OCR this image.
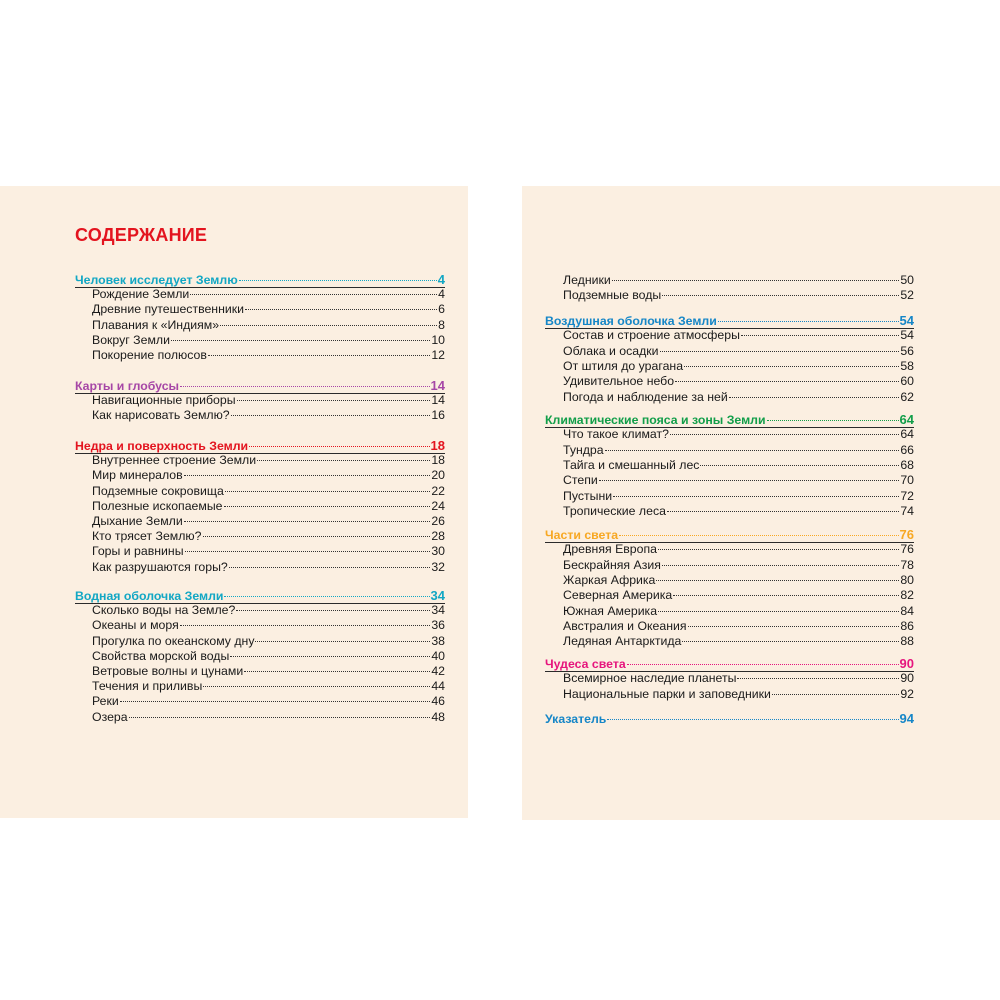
СОДЕРЖАНИЕ
Человек исследует Землю	4
Рождение Земли	4
Древние путешественники	6
Плавания к «Индиям»	8
Вокруг Земли	10
Покорение полюсов	12
Карты и глобусы	14
Навигационные приборы	14
Как нарисовать Землю?	16
Недра и поверхность Земли	18
Внутреннее строение Земли	18
Мир минералов	20
Подземные сокровища	22
Полезные ископаемые	24
Дыхание Земли	26
Кто трясет Землю?	28
Горы и равнины	30
Как разрушаются горы?	32
Водная оболочка Земли	34
Сколько воды на Земле?	34
Океаны и моря	36
Прогулка по океанскому дну	38
Свойства морской воды	40
Ветровые волны и цунами	42
Течения и приливы	44
Реки	46
Озера	48
Ледники	50
Подземные воды	52
Воздушная оболочка Земли	54
Состав и строение атмосферы	54
Облака и осадки	56
От штиля до урагана	58
Удивительное небо	60
Погода и наблюдение за ней	62
Климатические пояса и зоны Земли	64
Что такое климат?	64
Тундра	66
Тайга и смешанный лес	68
Степи	70
Пустыни	72
Тропические леса	74
Части света	76
Древняя Европа	76
Бескрайняя Азия	78
Жаркая Африка	80
Северная Америка	82
Южная Америка	84
Австралия и Океания	86
Ледяная Антарктида	88
Чудеса света	90
Всемирное наследие планеты	90
Национальные парки и заповедники	92
Указатель	94
